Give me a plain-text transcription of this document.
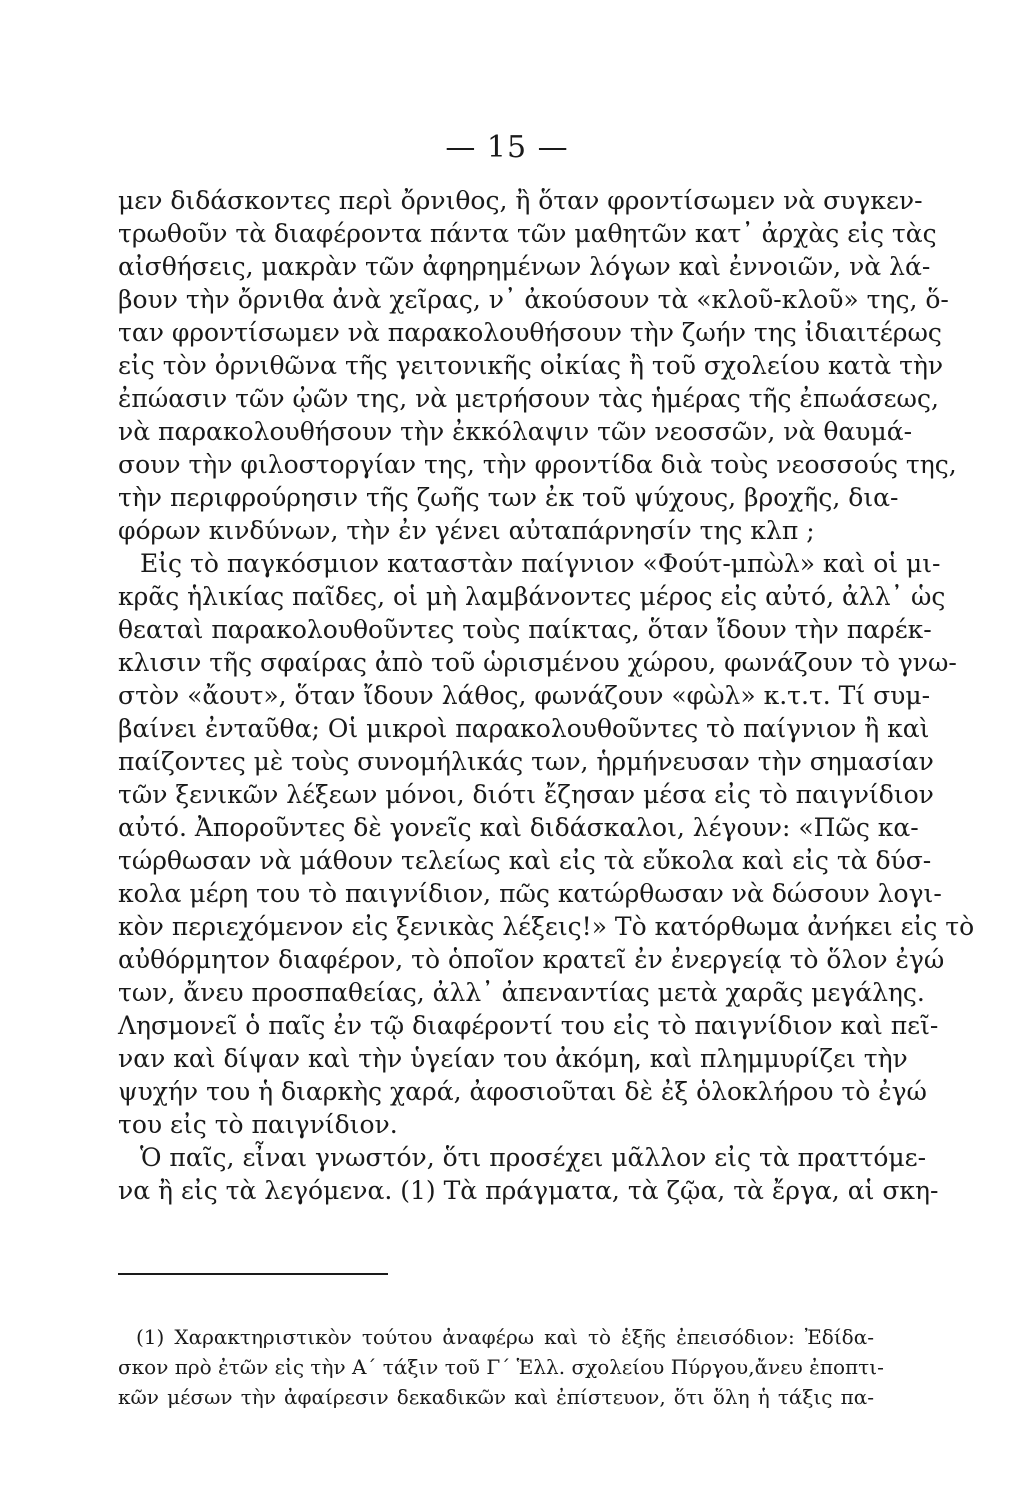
— 15 —
μεν διδάσκοντες περὶ ὄρνιθος, ἢ ὅταν φροντίσωμεν νὰ συγκεν-
τρωθοῦν τὰ διαφέροντα πάντα τῶν μαθητῶν κατ᾽ ἀρχὰς εἰς τὰς
αἰσθήσεις, μακρὰν τῶν ἀφηρημένων λόγων καὶ ἐννοιῶν, νὰ λά-
βουν τὴν ὄρνιθα ἀνὰ χεῖρας, ν᾽ ἀκούσουν τὰ «κλοῦ-κλοῦ» της, ὅ-
ταν φροντίσωμεν νὰ παρακολουθήσουν τὴν ζωήν της ἰδιαιτέρως
εἰς τὸν ὀρνιθῶνα τῆς γειτονικῆς οἰκίας ἢ τοῦ σχολείου κατὰ τὴν
ἐπώασιν τῶν ᾠῶν της, νὰ μετρήσουν τὰς ἡμέρας τῆς ἐπωάσεως,
νὰ παρακολουθήσουν τὴν ἐκκόλαψιν τῶν νεοσσῶν, νὰ θαυμά-
σουν τὴν φιλοστοργίαν της, τὴν φροντίδα διὰ τοὺς νεοσσούς της,
τὴν περιφρούρησιν τῆς ζωῆς των ἐκ τοῦ ψύχους, βροχῆς, δια-
φόρων κινδύνων, τὴν ἐν γένει αὐταπάρνησίν της κλπ ;
Εἰς τὸ παγκόσμιον καταστὰν παίγνιον «Φούτ-μπὼλ» καὶ οἱ μι-
κρᾶς ἡλικίας παῖδες, οἱ μὴ λαμβάνοντες μέρος εἰς αὐτό, ἀλλ᾽ ὡς
θεαταὶ παρακολουθοῦντες τοὺς παίκτας, ὅταν ἴδουν τὴν παρέκ-
κλισιν τῆς σφαίρας ἀπὸ τοῦ ὡρισμένου χώρου, φωνάζουν τὸ γνω-
στὸν «ἄουτ», ὅταν ἴδουν λάθος, φωνάζουν «φὼλ» κ.τ.τ. Τί συμ-
βαίνει ἐνταῦθα; Οἱ μικροὶ παρακολουθοῦντες τὸ παίγνιον ἢ καὶ
παίζοντες μὲ τοὺς συνομήλικάς των, ἡρμήνευσαν τὴν σημασίαν
τῶν ξενικῶν λέξεων μόνοι, διότι ἔζησαν μέσα εἰς τὸ παιγνίδιον
αὐτό. Ἀποροῦντες δὲ γονεῖς καὶ διδάσκαλοι, λέγουν: «Πῶς κα-
τώρθωσαν νὰ μάθουν τελείως καὶ εἰς τὰ εὔκολα καὶ εἰς τὰ δύσ-
κολα μέρη του τὸ παιγνίδιον, πῶς κατώρθωσαν νὰ δώσουν λογι-
κὸν περιεχόμενον εἰς ξενικὰς λέξεις!» Τὸ κατόρθωμα ἀνήκει εἰς τὸ
αὐθόρμητον διαφέρον, τὸ ὁποῖον κρατεῖ ἐν ἐνεργείᾳ τὸ ὅλον ἐγώ
των, ἄνευ προσπαθείας, ἀλλ᾽ ἀπεναντίας μετὰ χαρᾶς μεγάλης.
Λησμονεῖ ὁ παῖς ἐν τῷ διαφέροντί του εἰς τὸ παιγνίδιον καὶ πεῖ-
ναν καὶ δίψαν καὶ τὴν ὑγείαν του ἀκόμη, καὶ πλημμυρίζει τὴν
ψυχήν του ἡ διαρκὴς χαρά, ἀφοσιοῦται δὲ ἐξ ὁλοκλήρου τὸ ἐγώ
του εἰς τὸ παιγνίδιον.
Ὁ παῖς, εἶναι γνωστόν, ὅτι προσέχει μᾶλλον εἰς τὰ πραττόμε-
να ἢ εἰς τὰ λεγόμενα. (1) Τὰ πράγματα, τὰ ζῷα, τὰ ἔργα, αἱ σκη-
(1) Χαρακτηριστικὸν τούτου ἀναφέρω καὶ τὸ ἑξῆς ἐπεισόδιον: Ἐδίδα-
σκον πρὸ ἐτῶν εἰς τὴν Α΄ τάξιν τοῦ Γ΄ Ἑλλ. σχολείου Πύργου,ἄνευ ἐποπτι-
κῶν μέσων τὴν ἀφαίρεσιν δεκαδικῶν καὶ ἐπίστευον, ὅτι ὅλη ἡ τάξις πα-
